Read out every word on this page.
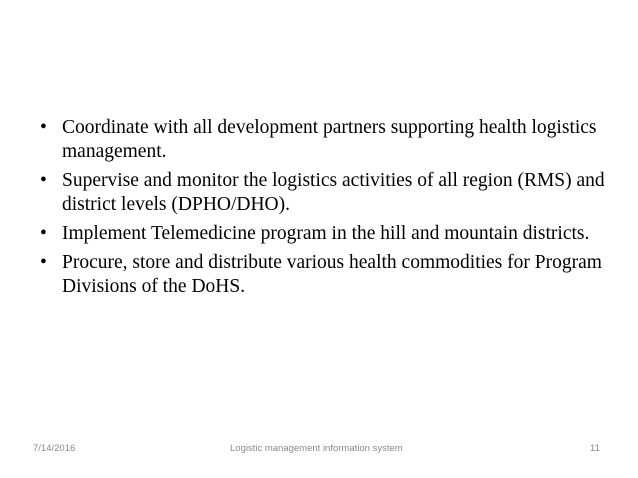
• Coordinate with all development partners supporting health logistics management.
• Supervise and monitor the logistics activities of all region (RMS) and district levels (DPHO/DHO).
• Implement Telemedicine program in the hill and mountain districts.
• Procure, store and distribute various health commodities for Program Divisions of the DoHS.
7/14/2016	Logistic management information system	11
